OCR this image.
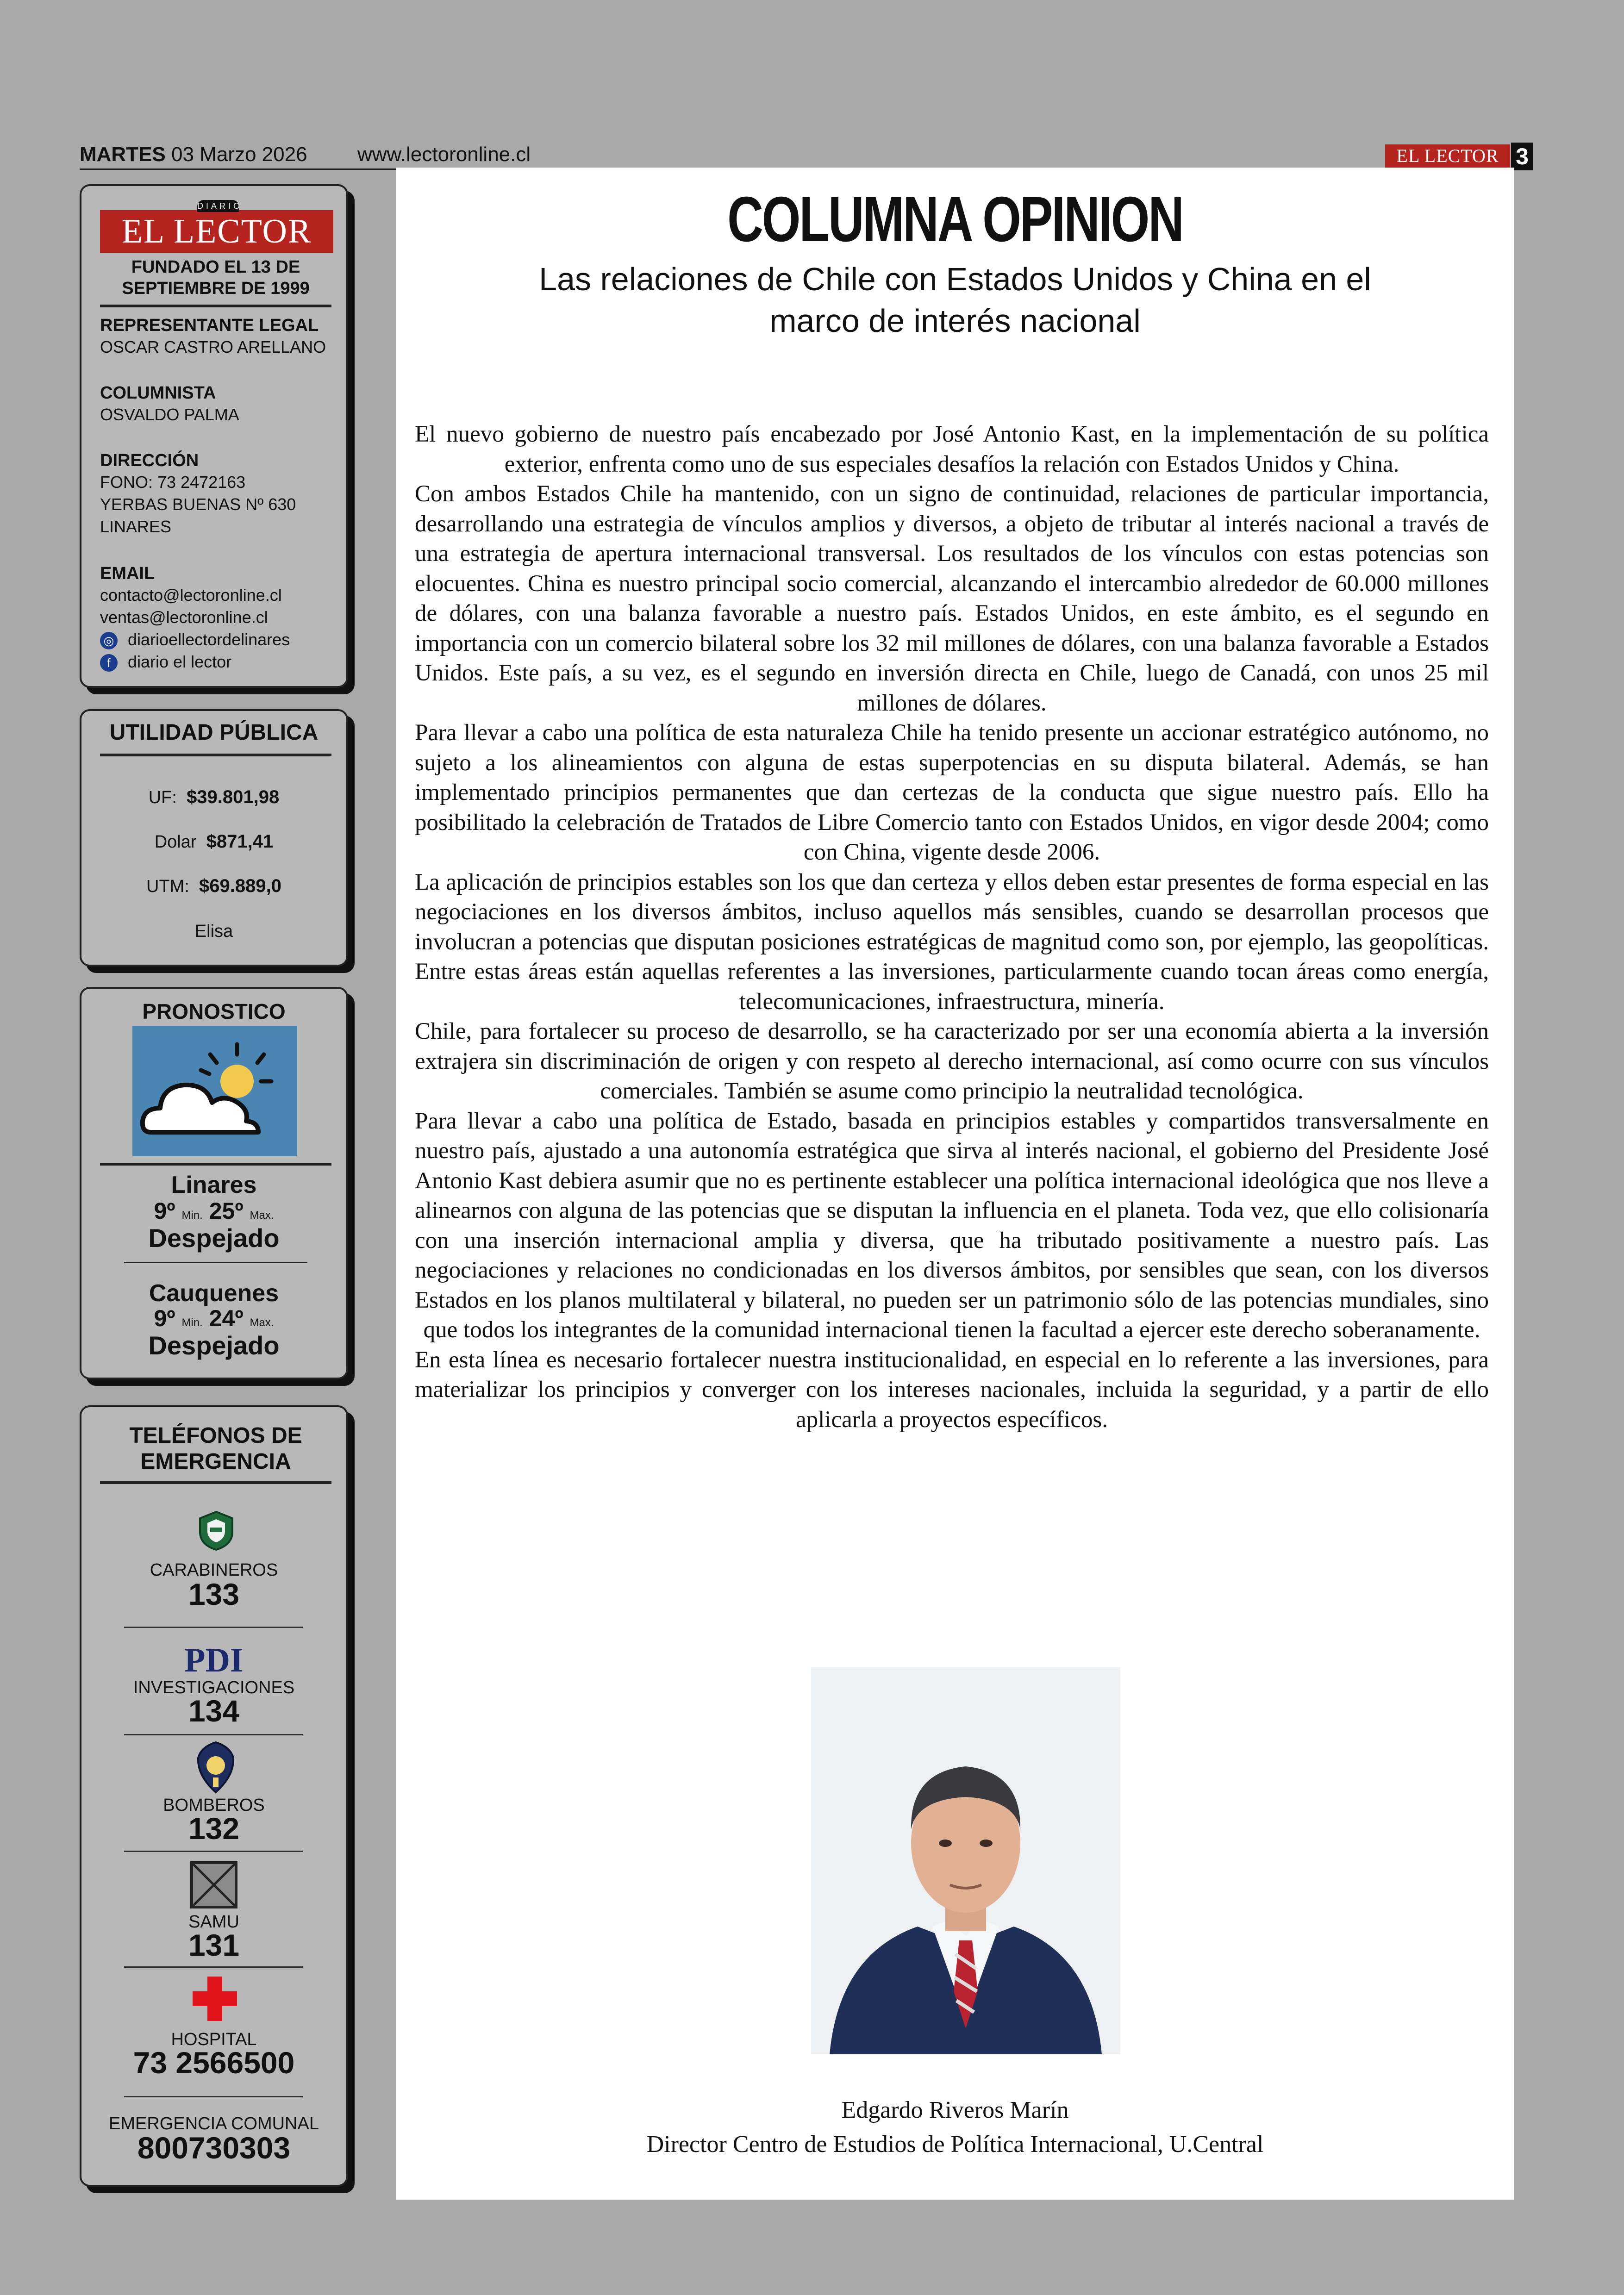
MARTES 03 Marzo 2026 www.lectoronline.cl	EL LECTOR 3
DIARIO
EL LECTOR
FUNDADO EL 13 DE SEPTIEMBRE DE 1999
REPRESENTANTE LEGAL
OSCAR CASTRO ARELLANO
COLUMNISTA
OSVALDO PALMA
DIRECCIÓN
FONO: 73 2472163
YERBAS BUENAS Nº 630
LINARES
EMAIL
contacto@lectoronline.cl
ventas@lectoronline.cl
◎ diarioellectordelinares
f diario el lector
UTILIDAD PÚBLICA
UF: $39.801,98
Dolar $871,41
UTM: $69.889,0
Elisa
PRONOSTICO
Linares
9º Min. 25º Max.
Despejado
Cauquenes
9º Min. 24º Max.
Despejado
TELÉFONOS DE EMERGENCIA
CARABINEROS
133
PDI
INVESTIGACIONES
134
BOMBEROS
132
SAMU
131
HOSPITAL
73 2566500
EMERGENCIA COMUNAL
800730303
COLUMNA OPINION
Las relaciones de Chile con Estados Unidos y China en el marco de interés nacional

El nuevo gobierno de nuestro país encabezado por José Antonio Kast, en la implementación de su política exterior, enfrenta como uno de sus especiales desafíos la relación con Estados Unidos y China.

Con ambos Estados Chile ha mantenido, con un signo de continuidad, relaciones de particular importancia, desarrollando una estrategia de vínculos amplios y diversos, a objeto de tributar al interés nacional a través de una estrategia de apertura internacional transversal. Los resultados de los vínculos con estas potencias son elocuentes. China es nuestro principal socio comercial, alcanzando el intercambio alrededor de 60.000 millones de dólares, con una balanza favorable a nuestro país. Estados Unidos, en este ámbito, es el segundo en importancia con un comercio bilateral sobre los 32 mil millones de dólares, con una balanza favorable a Estados Unidos. Este país, a su vez, es el segundo en inversión directa en Chile, luego de Canadá, con unos 25 mil millones de dólares.

Para llevar a cabo una política de esta naturaleza Chile ha tenido presente un accionar estratégico autónomo, no sujeto a los alineamientos con alguna de estas superpotencias en su disputa bilateral. Además, se han implementado principios permanentes que dan certezas de la conducta que sigue nuestro país. Ello ha posibilitado la celebración de Tratados de Libre Comercio tanto con Estados Unidos, en vigor desde 2004; como con China, vigente desde 2006.

La aplicación de principios estables son los que dan certeza y ellos deben estar presentes de forma especial en las negociaciones en los diversos ámbitos, incluso aquellos más sensibles, cuando se desarrollan procesos que involucran a potencias que disputan posiciones estratégicas de magnitud como son, por ejemplo, las geopolíticas. Entre estas áreas están aquellas referentes a las inversiones, particularmente cuando tocan áreas como energía, telecomunicaciones, infraestructura, minería.

Chile, para fortalecer su proceso de desarrollo, se ha caracterizado por ser una economía abierta a la inversión extrajera sin discriminación de origen y con respeto al derecho internacional, así como ocurre con sus vínculos comerciales. También se asume como principio la neutralidad tecnológica.

Para llevar a cabo una política de Estado, basada en principios estables y compartidos transversalmente en nuestro país, ajustado a una autonomía estratégica que sirva al interés nacional, el gobierno del Presidente José Antonio Kast debiera asumir que no es pertinente establecer una política internacional ideológica que nos lleve a alinearnos con alguna de las potencias que se disputan la influencia en el planeta. Toda vez, que ello colisionaría con una inserción internacional amplia y diversa, que ha tributado positivamente a nuestro país. Las negociaciones y relaciones no condicionadas en los diversos ámbitos, por sensibles que sean, con los diversos Estados en los planos multilateral y bilateral, no pueden ser un patrimonio sólo de las potencias mundiales, sino que todos los integrantes de la comunidad internacional tienen la facultad a ejercer este derecho soberanamente.

En esta línea es necesario fortalecer nuestra institucionalidad, en especial en lo referente a las inversiones, para materializar los principios y converger con los intereses nacionales, incluida la seguridad, y a partir de ello aplicarla a proyectos específicos.

Edgardo Riveros Marín
Director Centro de Estudios de Política Internacional, U.Central
